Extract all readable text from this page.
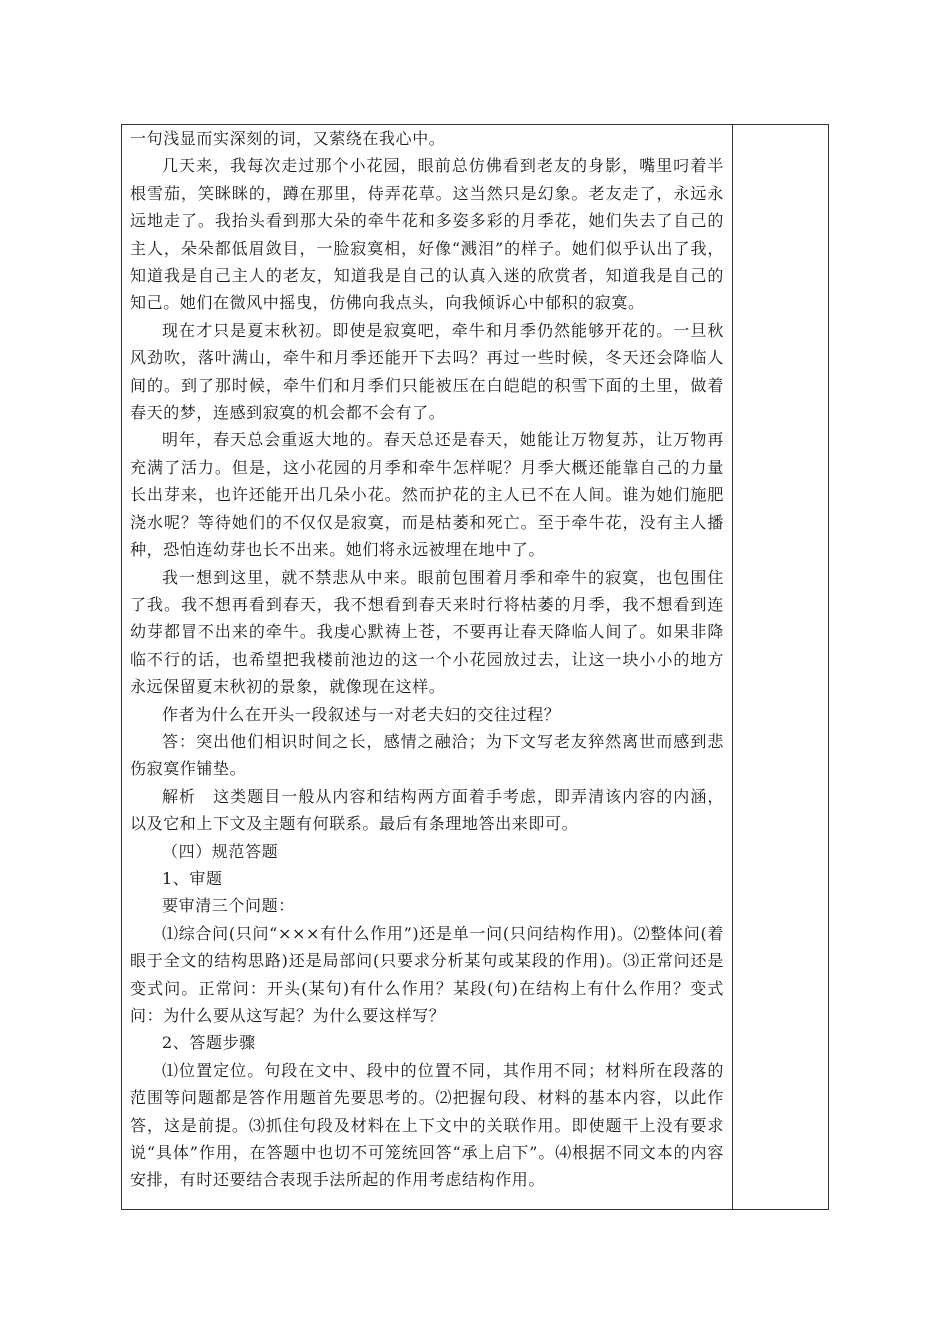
一句浅显而实深刻的词，又萦绕在我心中。

几天来，我每次走过那个小花园，眼前总仿佛看到老友的身影，嘴里叼着半根雪茄，笑眯眯的，蹲在那里，侍弄花草。这当然只是幻象。老友走了，永远永远地走了。我抬头看到那大朵的牵牛花和多姿多彩的月季花，她们失去了自己的主人，朵朵都低眉敛目，一脸寂寞相，好像“溅泪”的样子。她们似乎认出了我，知道我是自己主人的老友，知道我是自己的认真入迷的欣赏者，知道我是自己的知己。她们在微风中摇曳，仿佛向我点头，向我倾诉心中郁积的寂寞。

现在才只是夏末秋初。即使是寂寞吧，牵牛和月季仍然能够开花的。一旦秋风劲吹，落叶满山，牵牛和月季还能开下去吗？再过一些时候，冬天还会降临人间的。到了那时候，牵牛们和月季们只能被压在白皑皑的积雪下面的土里，做着春天的梦，连感到寂寞的机会都不会有了。

明年，春天总会重返大地的。春天总还是春天，她能让万物复苏，让万物再充满了活力。但是，这小花园的月季和牵牛怎样呢？月季大概还能靠自己的力量长出芽来，也许还能开出几朵小花。然而护花的主人已不在人间。谁为她们施肥浇水呢？等待她们的不仅仅是寂寞，而是枯萎和死亡。至于牵牛花，没有主人播种，恐怕连幼芽也长不出来。她们将永远被埋在地中了。

我一想到这里，就不禁悲从中来。眼前包围着月季和牵牛的寂寞，也包围住了我。我不想再看到春天，我不想看到春天来时行将枯萎的月季，我不想看到连幼芽都冒不出来的牵牛。我虔心默祷上苍，不要再让春天降临人间了。如果非降临不行的话，也希望把我楼前池边的这一个小花园放过去，让这一块小小的地方永远保留夏末秋初的景象，就像现在这样。

作者为什么在开头一段叙述与一对老夫妇的交往过程？

答：突出他们相识时间之长，感情之融洽；为下文写老友猝然离世而感到悲伤寂寞作铺垫。

解析　这类题目一般从内容和结构两方面着手考虑，即弄清该内容的内涵，以及它和上下文及主题有何联系。最后有条理地答出来即可。

（四）规范答题

1、审题

要审清三个问题：

⑴综合问(只问“×××有什么作用”)还是单一问(只问结构作用)。⑵整体问(着眼于全文的结构思路)还是局部问(只要求分析某句或某段的作用)。⑶正常问还是变式问。正常问：开头(某句)有什么作用？某段(句)在结构上有什么作用？变式问：为什么要从这写起？为什么要这样写？

2、答题步骤

⑴位置定位。句段在文中、段中的位置不同，其作用不同；材料所在段落的范围等问题都是答作用题首先要思考的。⑵把握句段、材料的基本内容，以此作答，这是前提。⑶抓住句段及材料在上下文中的关联作用。即使题干上没有要求说“具体”作用，在答题中也切不可笼统回答“承上启下”。⑷根据不同文本的内容安排，有时还要结合表现手法所起的作用考虑结构作用。
